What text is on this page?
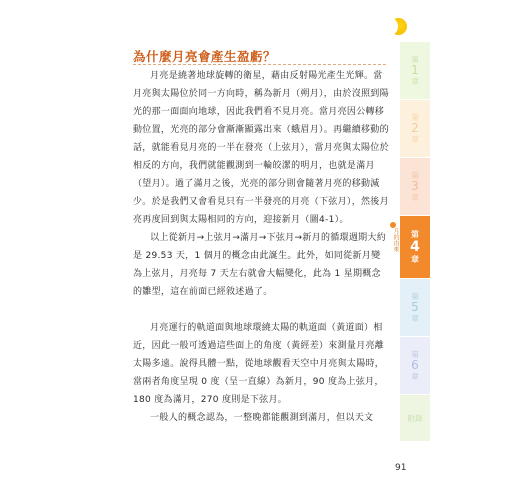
為什麼月亮會產生盈虧？

月亮是繞著地球旋轉的衛星，藉由反射陽光產生光輝。當月亮與太陽位於同一方向時，稱為新月（朔月），由於沒照到陽光的那一面面向地球，因此我們看不見月亮。當月亮因公轉移動位置，光亮的部分會漸漸顯露出來（蛾眉月）。再繼續移動的話，就能看見月亮的一半在發亮（上弦月），當月亮與太陽位於相反的方向，我們就能觀測到一輪皎潔的明月，也就是滿月（望月）。過了滿月之後，光亮的部分則會隨著月亮的移動減少。於是我們又會看見只有一半發亮的月亮（下弦月），然後月亮再度回到與太陽相同的方向，迎接新月（圖4-1）。

以上從新月→上弦月→滿月→下弦月→新月的循環週期大約是 29.53 天，1 個月的概念由此誕生。此外，如同從新月變為上弦月，月亮每 7 天左右就會大幅變化，此為 1 星期概念的雛型，這在前面已經敘述過了。

月亮運行的軌道面與地球環繞太陽的軌道面（黃道面）相近，因此一般可透過這些面上的角度（黃經差）來測量月亮離太陽多遠。說得具體一點，從地球觀看天空中月亮與太陽時，當兩者角度呈現 0 度（呈一直線）為新月，90 度為上弦月，180 度為滿月，270 度則是下弦月。

一般人的概念認為，一整晚都能觀測到滿月，但以天文

第
1
章
第
2
章
第
3
章
月的由來 第
4
章
第
5
章
第
6
章
附錄
91
